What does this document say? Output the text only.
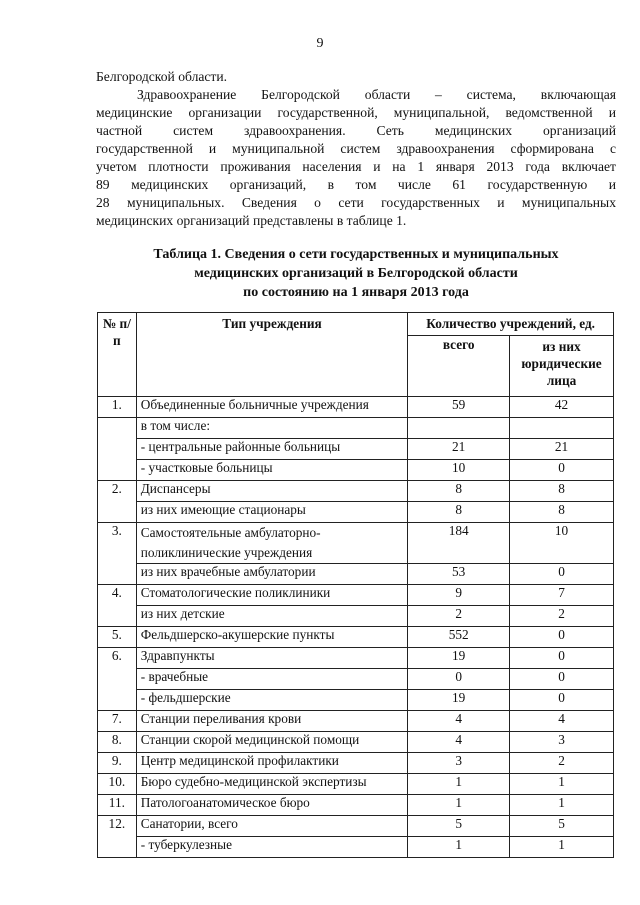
9
Белгородской области.
Здравоохранение Белгородской области – система, включающая
медицинские организации государственной, муниципальной, ведомственной и
частной систем здравоохранения. Сеть медицинских организаций
государственной и муниципальной систем здравоохранения сформирована с
учетом плотности проживания населения и на 1 января 2013 года включает
89 медицинских организаций, в том числе 61 государственную и
28 муниципальных. Сведения о сети государственных и муниципальных
медицинских организаций представлены в таблице 1.
Таблица 1. Сведения о сети государственных и муниципальных
медицинских организаций в Белгородской области
по состоянию на 1 января 2013 года
№ п/п	Тип учреждения	Количество учреждений, ед.	
		всего	из них юридические лица
1.	Объединенные больничные учреждения	59	42
	в том числе:		
	- центральные районные больницы	21	21
	- участковые больницы	10	0
2.	Диспансеры	8	8
	из них имеющие стационары	8	8
3.	Самостоятельные амбулаторно-поликлинические учреждения	184	10
	из них врачебные амбулатории	53	0
4.	Стоматологические поликлиники	9	7
	из них детские	2	2
5.	Фельдшерско-акушерские пункты	552	0
6.	Здравпункты	19	0
	- врачебные	0	0
	- фельдшерские	19	0
7.	Станции переливания крови	4	4
8.	Станции скорой медицинской помощи	4	3
9.	Центр медицинской профилактики	3	2
10.	Бюро судебно-медицинской экспертизы	1	1
11.	Патологоанатомическое бюро	1	1
12.	Санатории, всего	5	5
	- туберкулезные	1	1
